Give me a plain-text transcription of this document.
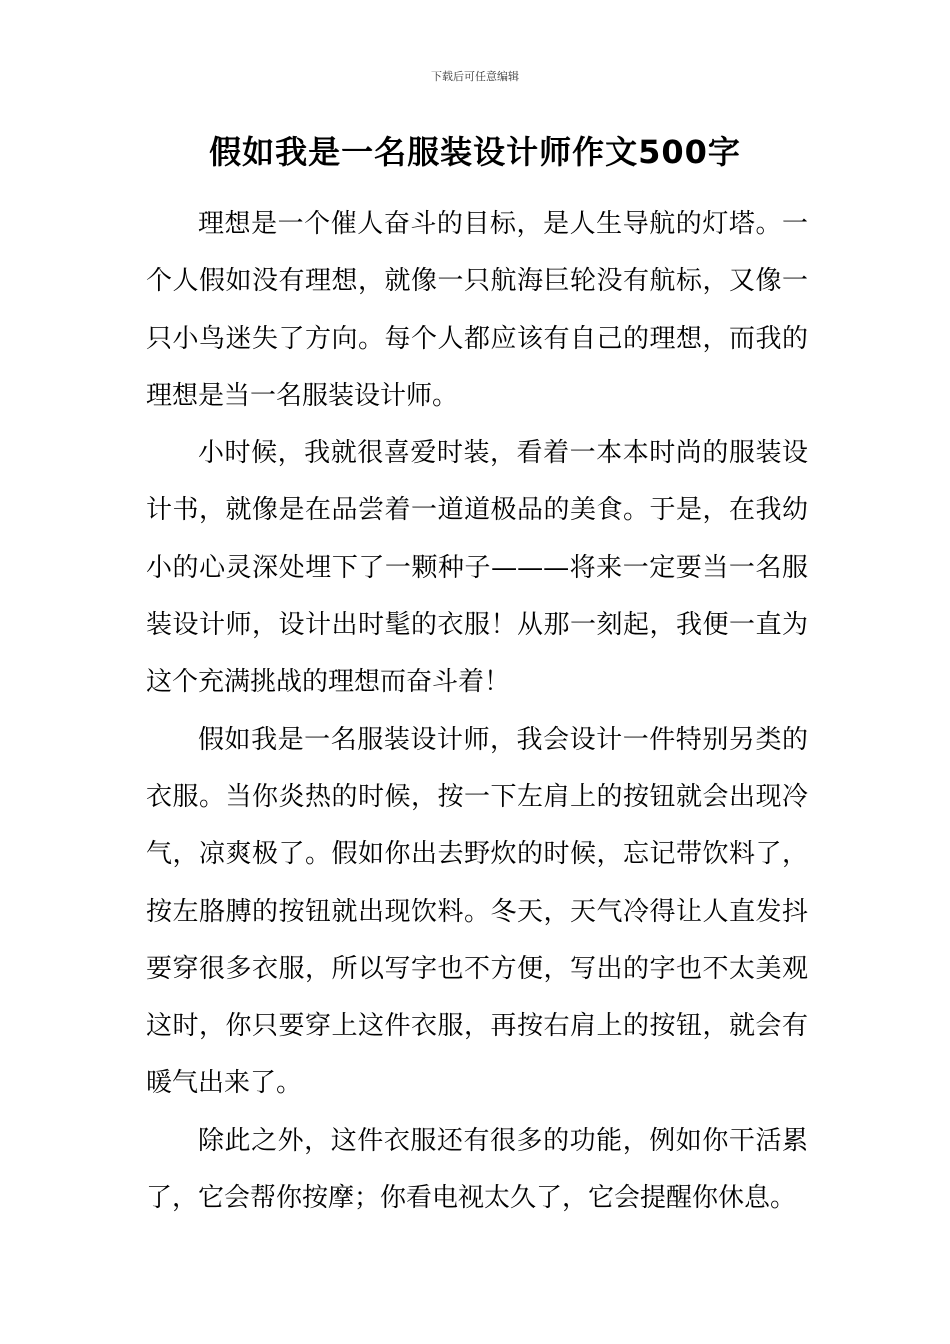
下载后可任意编辑
假如我是一名服装设计师作文500字

理想是一个催人奋斗的目标，是人生导航的灯塔。一个人假如没有理想，就像一只航海巨轮没有航标，又像一只小鸟迷失了方向。每个人都应该有自己的理想，而我的理想是当一名服装设计师。

小时候，我就很喜爱时装，看着一本本时尚的服装设计书，就像是在品尝着一道道极品的美食。于是，在我幼小的心灵深处埋下了一颗种子———将来一定要当一名服装设计师，设计出时髦的衣服！从那一刻起，我便一直为这个充满挑战的理想而奋斗着！

假如我是一名服装设计师，我会设计一件特别另类的衣服。当你炎热的时候，按一下左肩上的按钮就会出现冷气，凉爽极了。假如你出去野炊的时候，忘记带饮料了，按左胳膊的按钮就出现饮料。冬天，天气冷得让人直发抖要穿很多衣服，所以写字也不方便，写出的字也不太美观这时，你只要穿上这件衣服，再按右肩上的按钮，就会有暖气出来了。

除此之外，这件衣服还有很多的功能，例如你干活累了，它会帮你按摩；你看电视太久了，它会提醒你休息。
